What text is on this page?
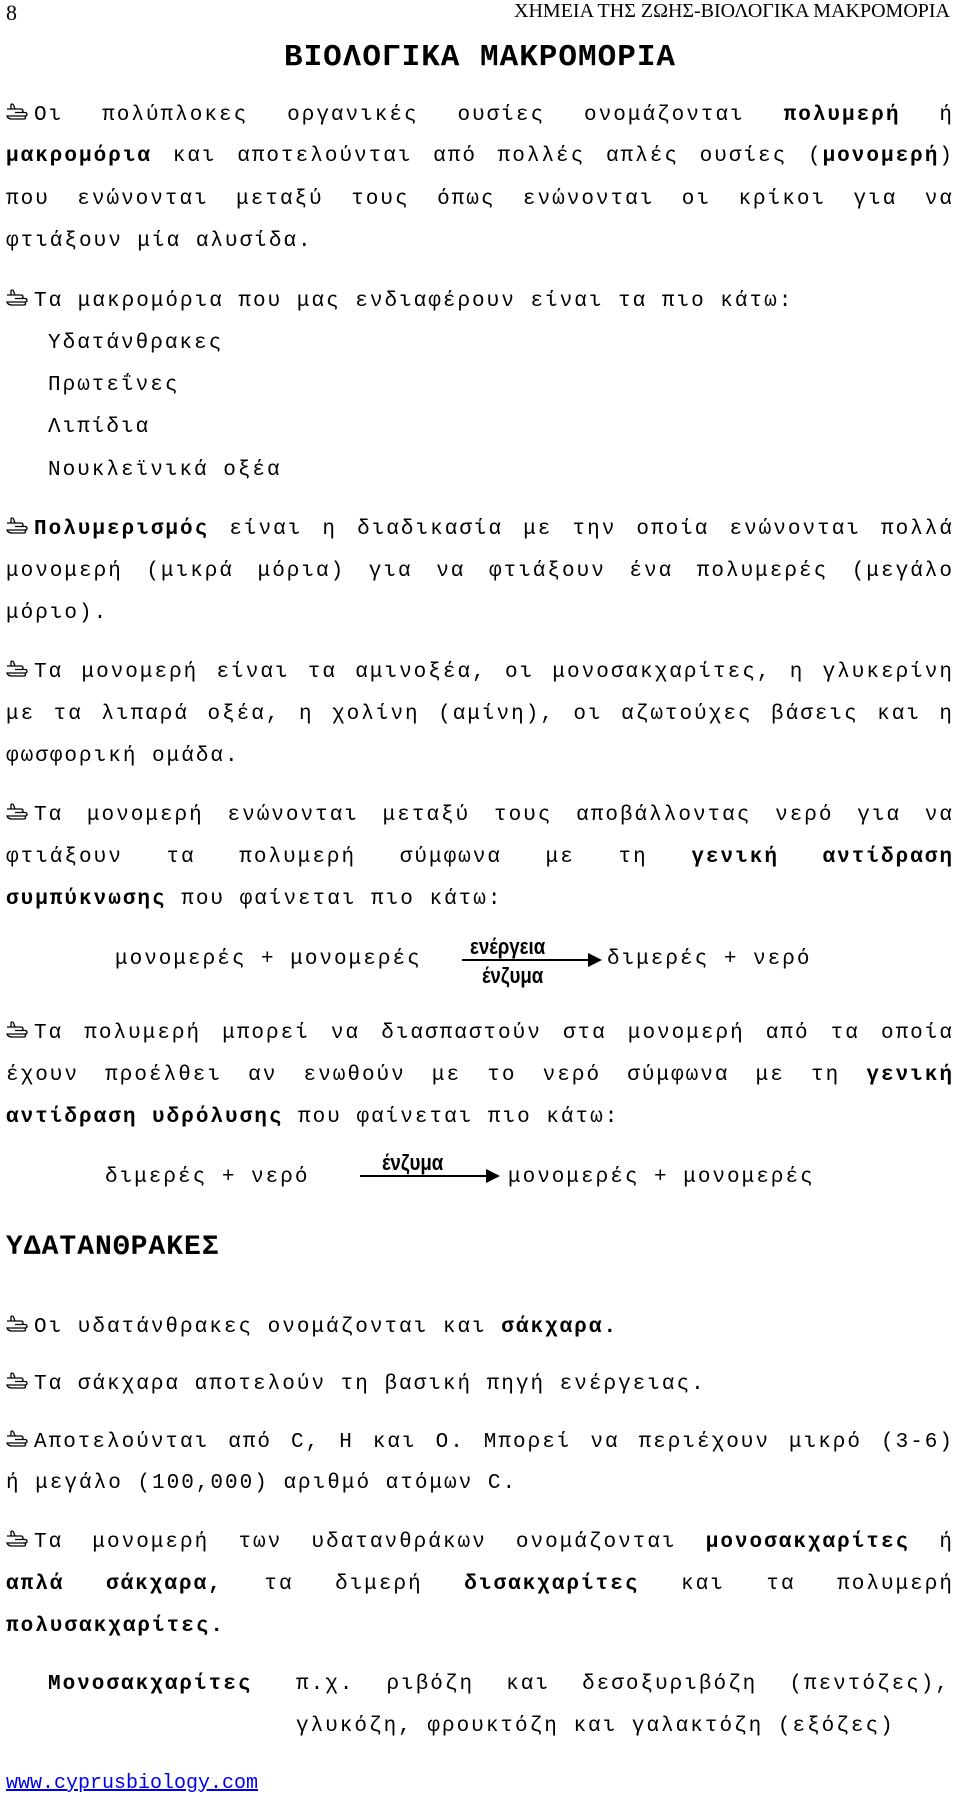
8	ΧΗΜΕΙΑ ΤΗΣ ΖΩΗΣ-ΒΙΟΛΟΓΙΚΑ ΜΑΚΡΟΜΟΡΙΑ
ΒΙΟΛΟΓΙΚΑ ΜΑΚΡΟΜΟΡΙΑ
Οι πολύπλοκες οργανικές ουσίες ονομάζονται πολυμερή ή
μακρομόρια και αποτελούνται από πολλές απλές ουσίες (μονομερή)
που ενώνονται μεταξύ τους όπως ενώνονται οι κρίκοι για να
φτιάξουν μία αλυσίδα.
Τα μακρομόρια που μας ενδιαφέρουν είναι τα πιο κάτω:
Υδατάνθρακες
Πρωτεΐνες
Λιπίδια
Νουκλεϊνικά οξέα
Πολυμερισμός είναι η διαδικασία με την οποία ενώνονται πολλά
μονομερή (μικρά μόρια) για να φτιάξουν ένα πολυμερές (μεγάλο
μόριο).
Τα μονομερή είναι τα αμινοξέα, οι μονοσακχαρίτες, η γλυκερίνη
με τα λιπαρά οξέα, η χολίνη (αμίνη), οι αζωτούχες βάσεις και η
φωσφορική ομάδα.
Τα μονομερή ενώνονται μεταξύ τους αποβάλλοντας νερό για να
φτιάξουν τα πολυμερή σύμφωνα με τη γενική αντίδραση
συμπύκνωσης που φαίνεται πιο κάτω:
μονομερές + μονομερές
ενέργεια
ένζυμα
διμερές + νερό
Τα πολυμερή μπορεί να διασπαστούν στα μονομερή από τα οποία
έχουν προέλθει αν ενωθούν με το νερό σύμφωνα με τη γενική
αντίδραση υδρόλυσης που φαίνεται πιο κάτω:
διμερές + νερό
ένζυμα
μονομερές + μονομερές
ΥΔΑΤΑΝΘΡΑΚΕΣ
Οι υδατάνθρακες ονομάζονται και σάκχαρα.
Τα σάκχαρα αποτελούν τη βασική πηγή ενέργειας.
Αποτελούνται από C, H και O. Μπορεί να περιέχουν μικρό (3-6)
ή μεγάλο (100,000) αριθμό ατόμων C.
Τα μονομερή των υδατανθράκων ονομάζονται μονοσακχαρίτες ή
απλά σάκχαρα, τα διμερή δισακχαρίτες και τα πολυμερή
πολυσακχαρίτες.
Μονοσακχαρίτες π.χ. ριβόζη και δεσοξυριβόζη (πεντόζες),
γλυκόζη, φρουκτόζη και γαλακτόζη (εξόζες)
www.cyprusbiology.com
